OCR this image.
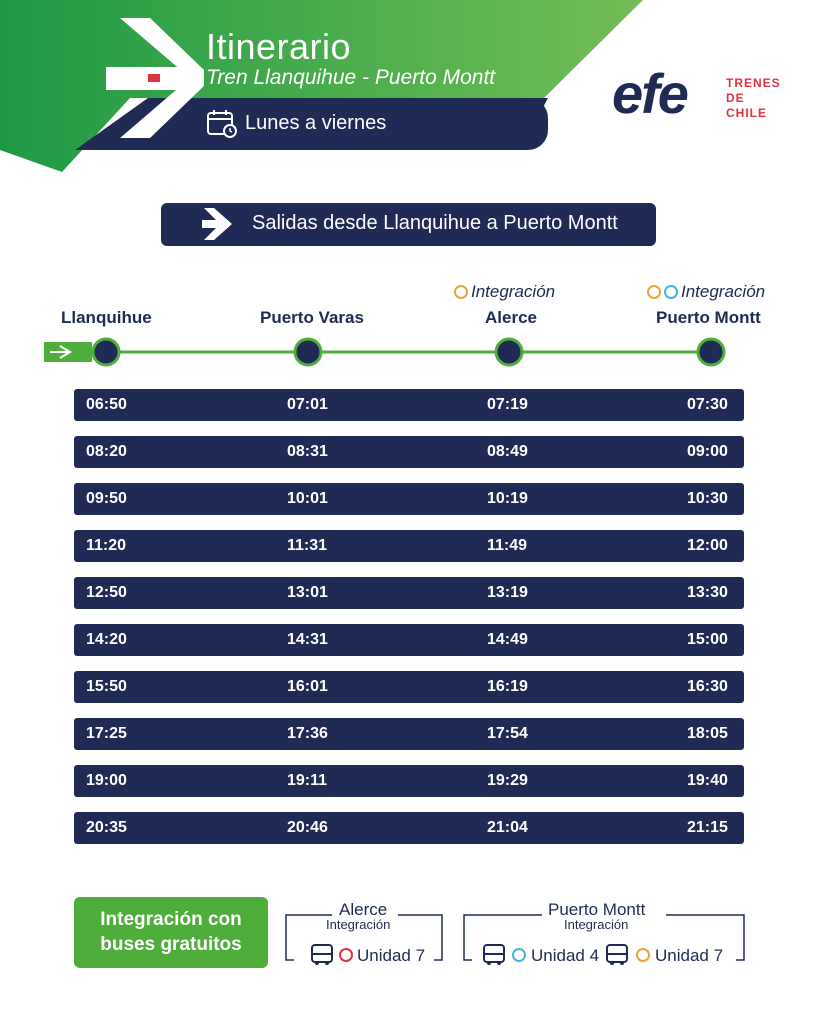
Itinerario
Tren Llanquihue - Puerto Montt
Lunes a viernes	efe	TRENES
DE
CHILE
Salidas desde Llanquihue a Puerto Montt
Integración	Integración
Llanquihue	Puerto Varas	Alerce	Puerto Montt
06:50	07:01	07:19	07:30
08:20	08:31	08:49	09:00
09:50	10:01	10:19	10:30
11:20	11:31	11:49	12:00
12:50	13:01	13:19	13:30
14:20	14:31	14:49	15:00
15:50	16:01	16:19	16:30
17:25	17:36	17:54	18:05
19:00	19:11	19:29	19:40
20:35	20:46	21:04	21:15
Integración con
buses gratuitos
Alerce
Integración
Unidad 7
Puerto Montt
Integración
Unidad 4	Unidad 7
